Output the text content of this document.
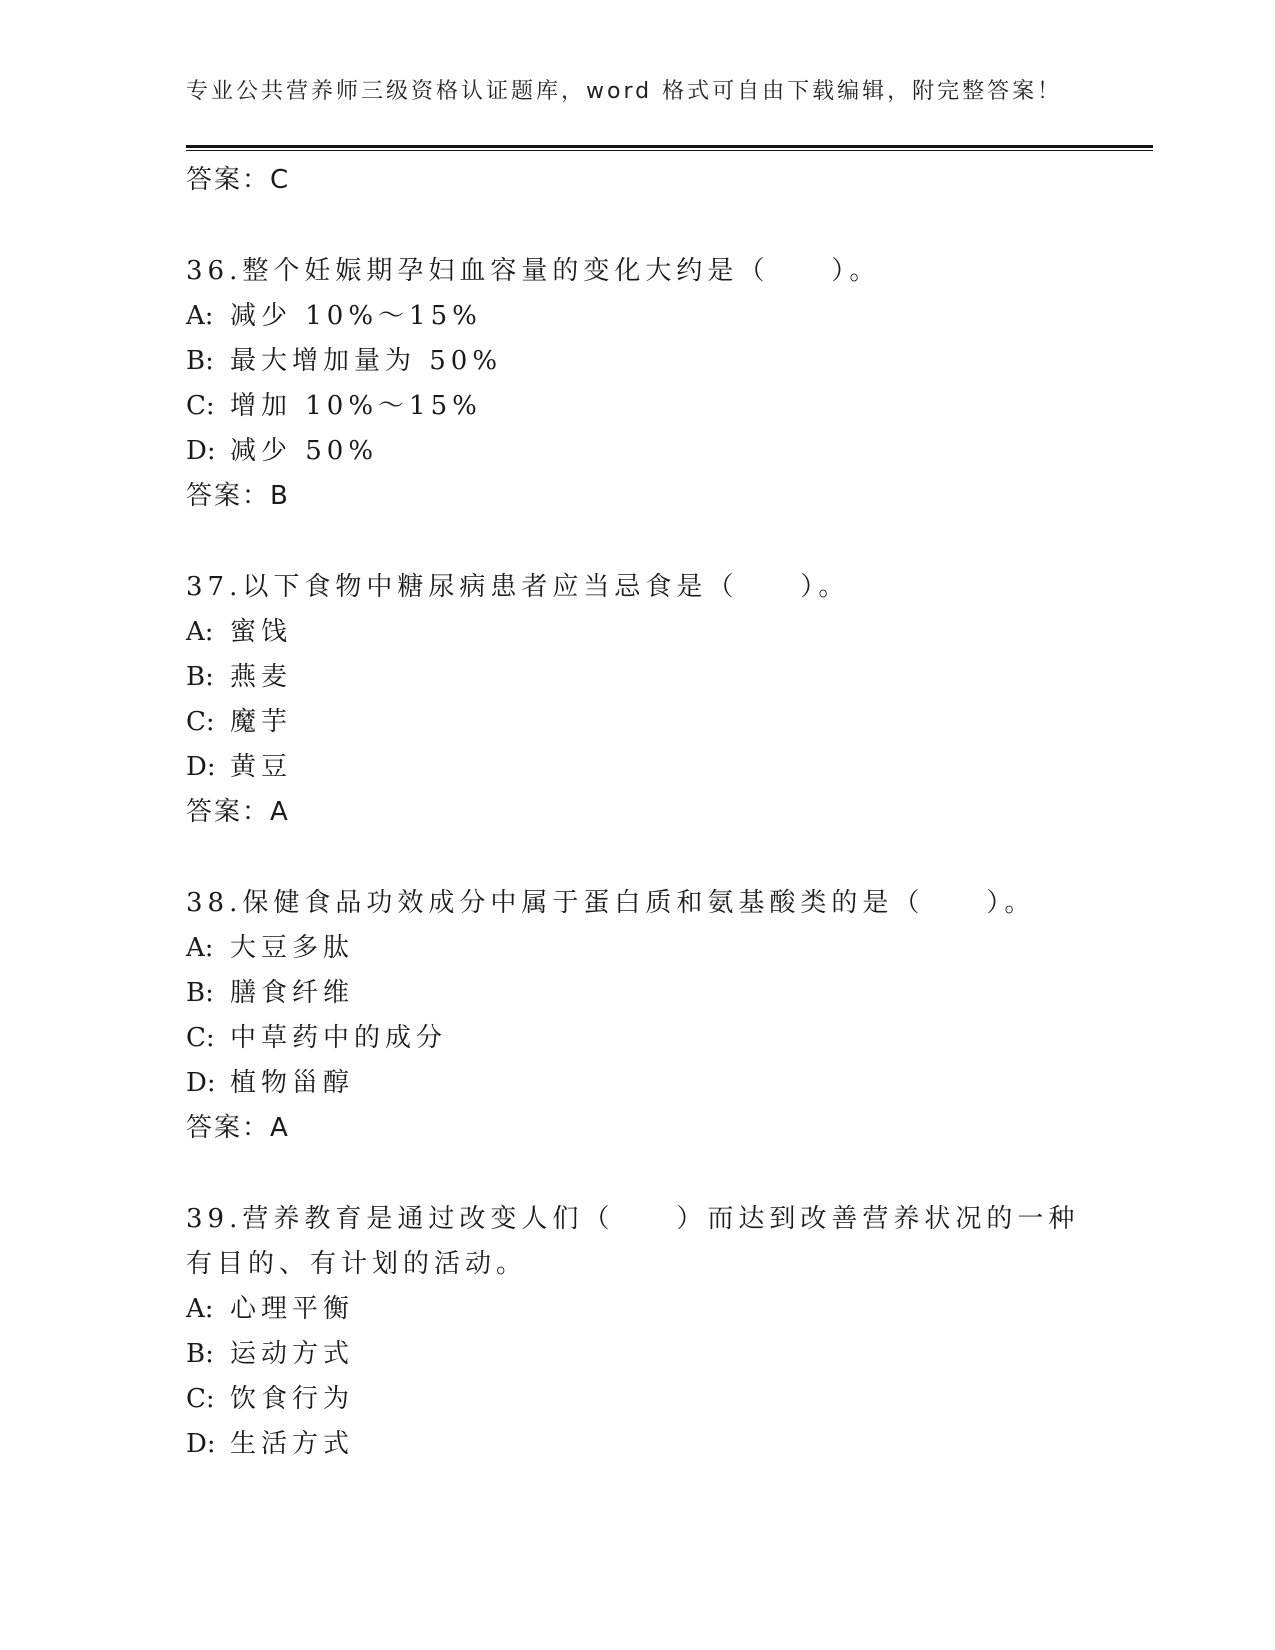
专业公共营养师三级资格认证题库，word 格式可自由下载编辑，附完整答案！
答案：C
36.整个妊娠期孕妇血容量的变化大约是（　　）。
A: 减少 10%～15%
B: 最大增加量为 50%
C: 增加 10%～15%
D: 减少 50%
答案：B
37.以下食物中糖尿病患者应当忌食是（　　）。
A: 蜜饯
B: 燕麦
C: 魔芋
D: 黄豆
答案：A
38.保健食品功效成分中属于蛋白质和氨基酸类的是（　　）。
A: 大豆多肽
B: 膳食纤维
C: 中草药中的成分
D: 植物甾醇
答案：A
39.营养教育是通过改变人们（　　）而达到改善营养状况的一种有目的、有计划的活动。
A: 心理平衡
B: 运动方式
C: 饮食行为
D: 生活方式
